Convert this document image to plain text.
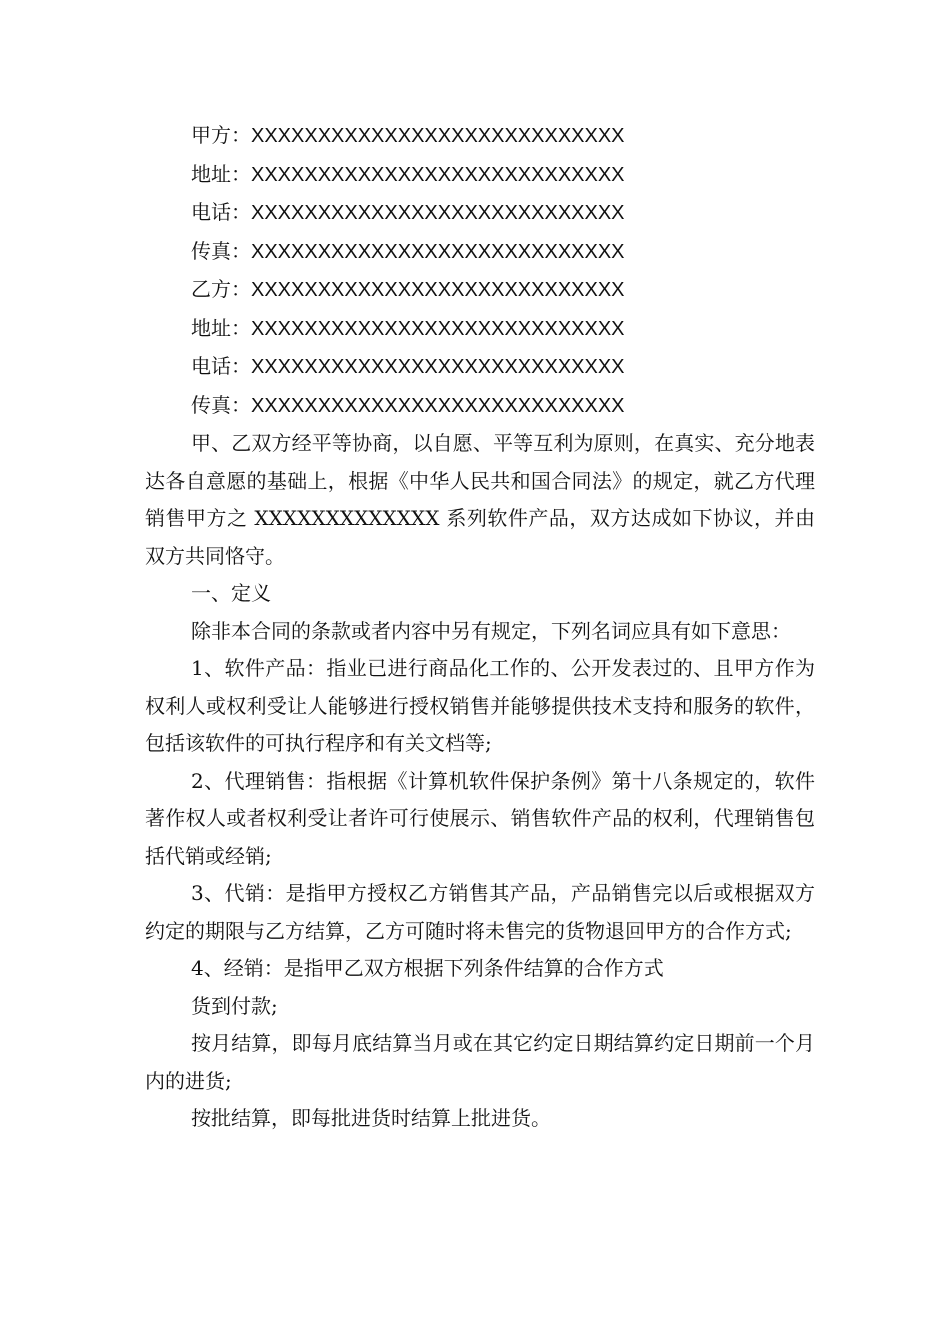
甲方：XXXXXXXXXXXXXXXXXXXXXXXXXXXX

地址：XXXXXXXXXXXXXXXXXXXXXXXXXXXX

电话：XXXXXXXXXXXXXXXXXXXXXXXXXXXX

传真：XXXXXXXXXXXXXXXXXXXXXXXXXXXX

乙方：XXXXXXXXXXXXXXXXXXXXXXXXXXXX

地址：XXXXXXXXXXXXXXXXXXXXXXXXXXXX

电话：XXXXXXXXXXXXXXXXXXXXXXXXXXXX

传真：XXXXXXXXXXXXXXXXXXXXXXXXXXXX

甲、乙双方经平等协商，以自愿、平等互利为原则，在真实、充分地表达各自意愿的基础上，根据《中华人民共和国合同法》的规定，就乙方代理销售甲方之 XXXXXXXXXXXXX 系列软件产品，双方达成如下协议，并由双方共同恪守。

一、定义

除非本合同的条款或者内容中另有规定，下列名词应具有如下意思：

1、软件产品：指业已进行商品化工作的、公开发表过的、且甲方作为权利人或权利受让人能够进行授权销售并能够提供技术支持和服务的软件，包括该软件的可执行程序和有关文档等;

2、代理销售：指根据《计算机软件保护条例》第十八条规定的，软件著作权人或者权利受让者许可行使展示、销售软件产品的权利，代理销售包括代销或经销;

3、代销：是指甲方授权乙方销售其产品，产品销售完以后或根据双方约定的期限与乙方结算，乙方可随时将未售完的货物退回甲方的合作方式;

4、经销：是指甲乙双方根据下列条件结算的合作方式

货到付款;

按月结算，即每月底结算当月或在其它约定日期结算约定日期前一个月内的进货;

按批结算，即每批进货时结算上批进货。
